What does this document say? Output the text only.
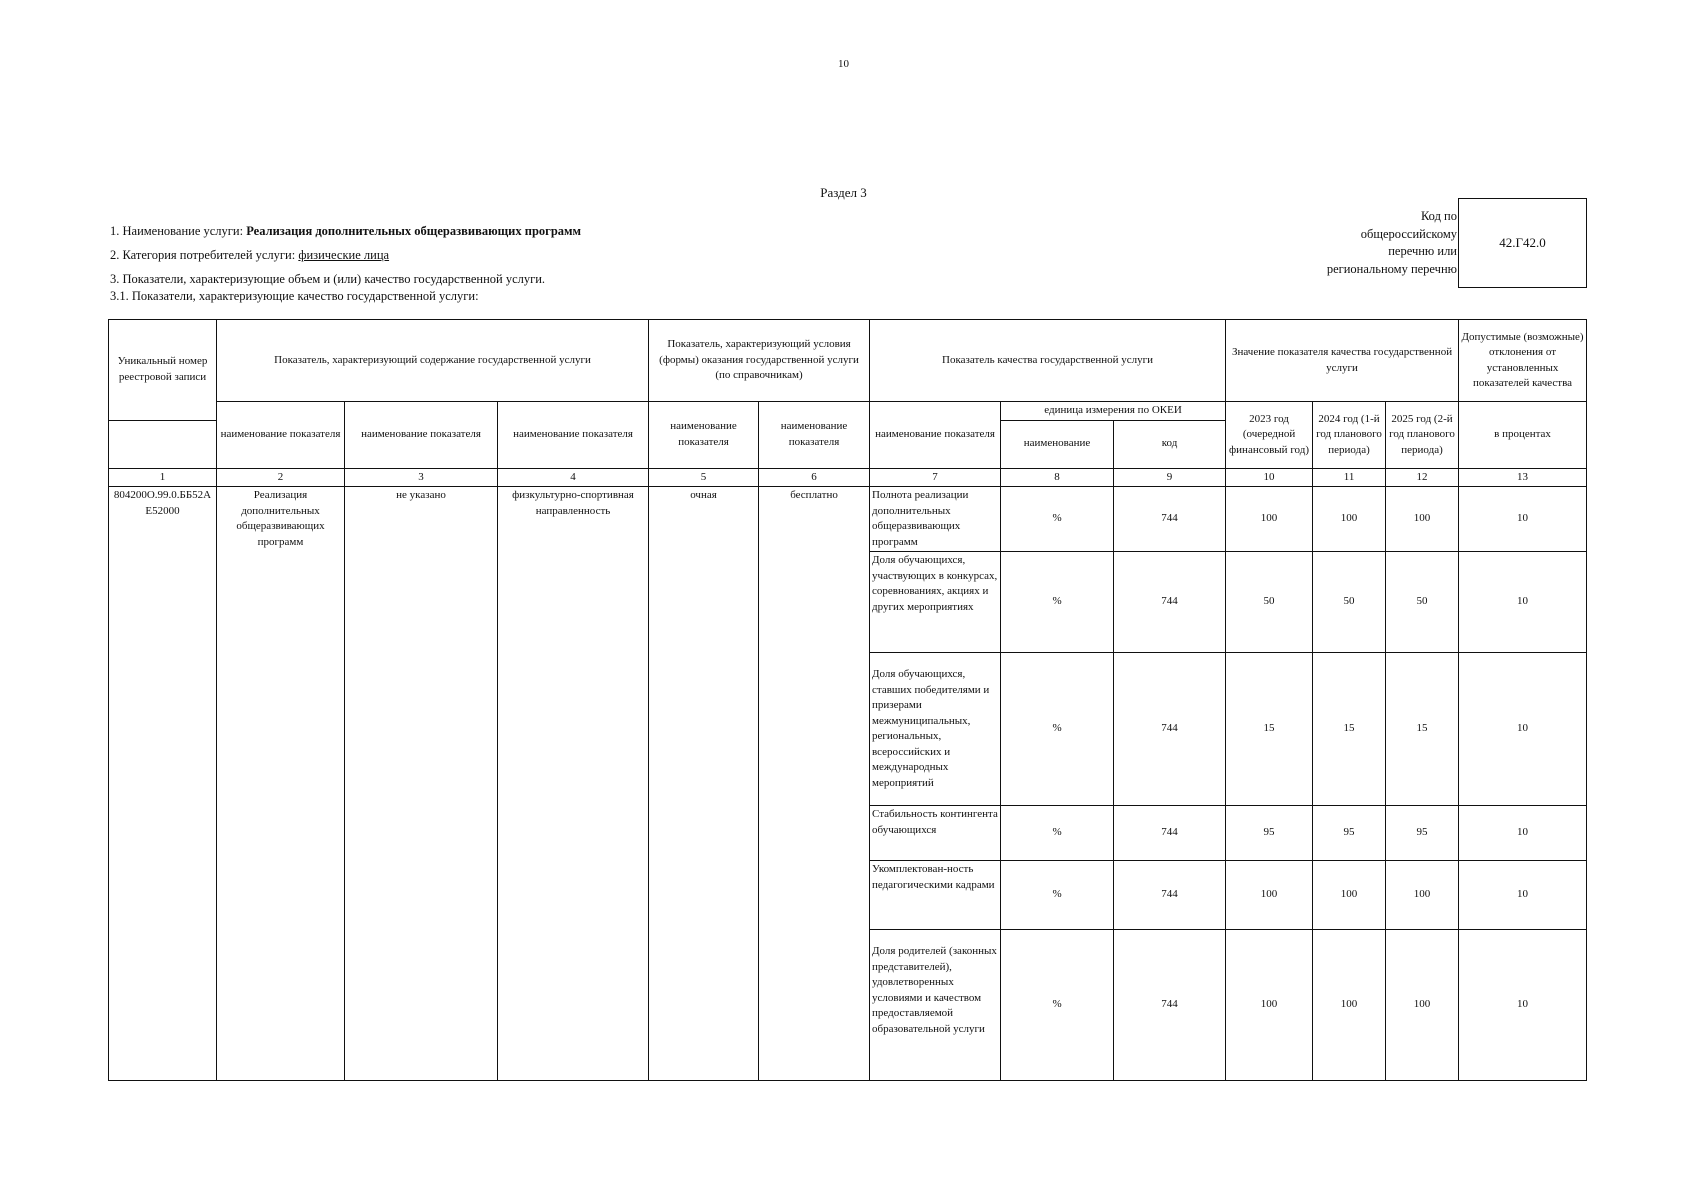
10
Раздел 3
1. Наименование услуги: Реализация дополнительных общеразвивающих программ
2. Категория потребителей услуги: физические лица
3. Показатели, характеризующие объем и (или) качество государственной услуги.
3.1. Показатели, характеризующие качество государственной услуги:
Код по
общероссийскому
перечню или
региональному перечню
42.Г42.0
Уникальный номер реестровой записи	Показатель, характеризующий содержание государственной услуги			Показатель, характеризующий условия (формы) оказания государственной услуги (по справочникам)		Показатель качества государственной услуги			Значение показателя качества государственной услуги			Допустимые (возможные) отклонения от установленных показателей качества
	наименование показателя	наименование показателя	наименование показателя	наименование показателя	наименование показателя	наименование показателя	единица измерения по ОКЕИ		2023 год (очередной финансовый год)	2024 год (1-й год планового периода)	2025 год (2-й год планового периода)	в процентах
							наименование	код				
1	2	3	4	5	6	7	8	9	10	11	12	13
804200О.99.0.ББ52АЕ52000	Реализация дополнительных общеразвивающих программ	не указано	физкультурно-спортивная направленность	очная	бесплатно	Полнота реализации дополнительных общеразвивающих программ	%	744	100	100	100	10
						Доля обучающихся, участвующих в конкурсах, соревнованиях, акциях и других мероприятиях	%	744	50	50	50	10
						Доля обучающихся, ставших победителями и призерами межмуниципальных, региональных, всероссийских и международных мероприятий	%	744	15	15	15	10
						Стабильность контингента обучающихся	%	744	95	95	95	10
						Укомплектован-ность педагогическими кадрами	%	744	100	100	100	10
						Доля родителей (законных представителей), удовлетворенных условиями и качеством предоставляемой образовательной услуги	%	744	100	100	100	10
